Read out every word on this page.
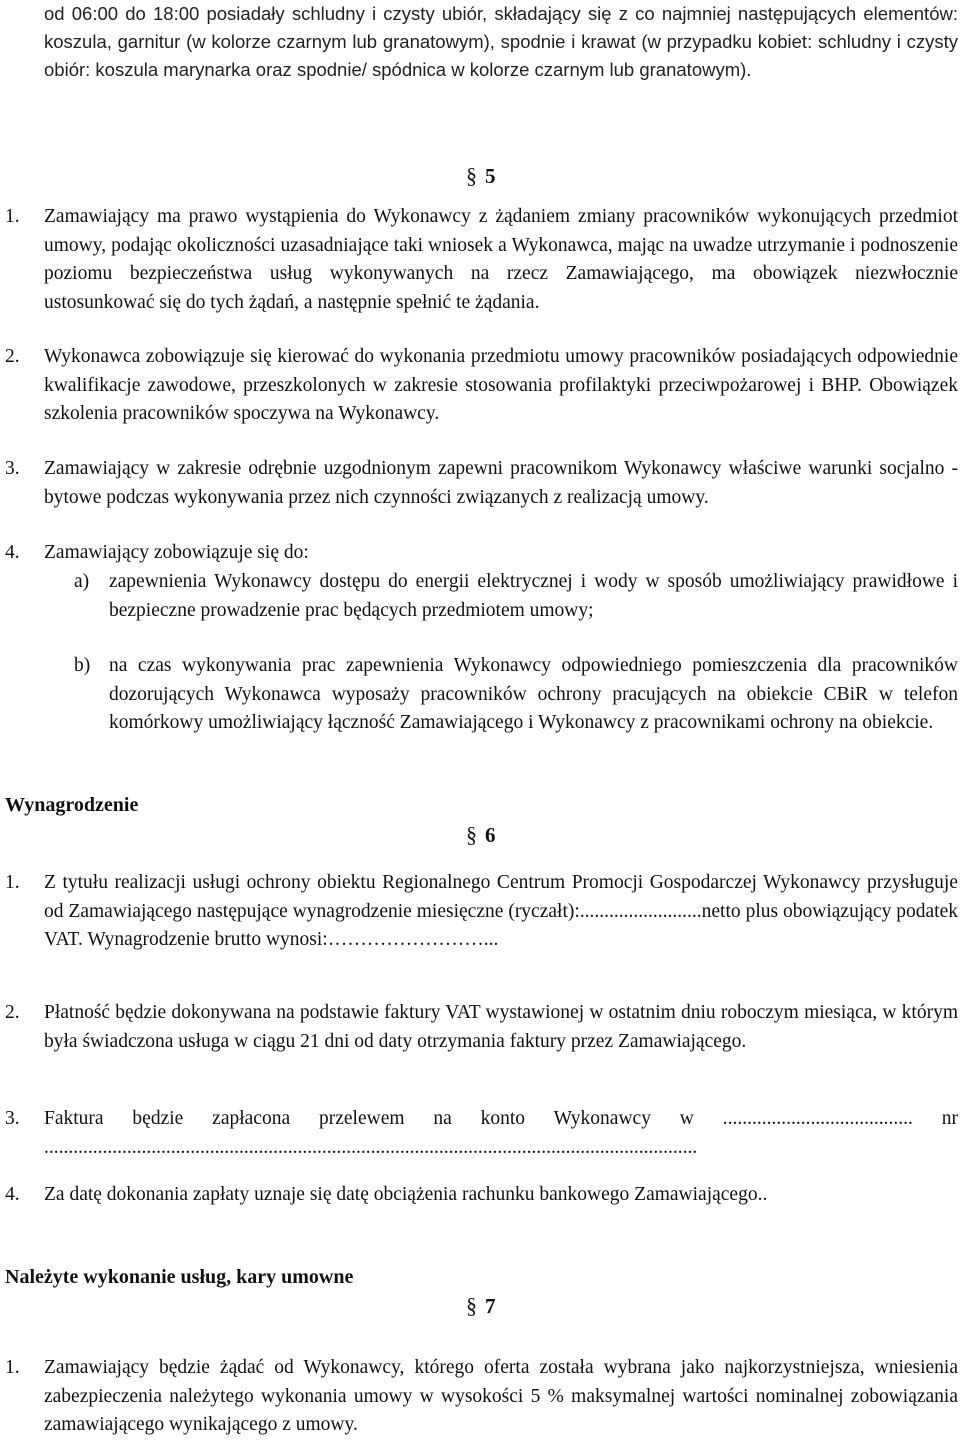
od 06:00 do 18:00 posiadały schludny i czysty ubiór, składający się z co najmniej następujących elementów: koszula, garnitur (w kolorze czarnym lub granatowym), spodnie i krawat (w przypadku kobiet: schludny i czysty obiór: koszula marynarka oraz spodnie/ spódnica w kolorze czarnym lub granatowym).

§ 5
1.	Zamawiający ma prawo wystąpienia do Wykonawcy z żądaniem zmiany pracowników wykonujących przedmiot umowy, podając okoliczności uzasadniające taki wniosek a Wykonawca, mając na uwadze utrzymanie i podnoszenie poziomu bezpieczeństwa usług wykonywanych na rzecz Zamawiającego, ma obowiązek niezwłocznie ustosunkować się do tych żądań, a następnie spełnić te żądania.
2.	Wykonawca zobowiązuje się kierować do wykonania przedmiotu umowy pracowników posiadających odpowiednie kwalifikacje zawodowe, przeszkolonych w zakresie stosowania profilaktyki przeciwpożarowej i BHP. Obowiązek szkolenia pracowników spoczywa na Wykonawcy.
3.	Zamawiający w zakresie odrębnie uzgodnionym zapewni pracownikom Wykonawcy właściwe warunki socjalno - bytowe podczas wykonywania przez nich czynności związanych z realizacją umowy.
4.	Zamawiający zobowiązuje się do:
a)	zapewnienia Wykonawcy dostępu do energii elektrycznej i wody w sposób umożliwiający prawidłowe i bezpieczne prowadzenie prac będących przedmiotem umowy;
b) na czas wykonywania prac zapewnienia Wykonawcy odpowiedniego pomieszczenia dla pracowników dozorujących Wykonawca wyposaży pracowników ochrony pracujących na obiekcie CBiR w telefon komórkowy umożliwiający łączność Zamawiającego i Wykonawcy z pracownikami ochrony na obiekcie.

Wynagrodzenie

§ 6
1.	Z tytułu realizacji usługi ochrony obiektu Regionalnego Centrum Promocji Gospodarczej Wykonawcy przysługuje od Zamawiającego następujące wynagrodzenie miesięczne (ryczałt):.........................netto plus obowiązujący podatek VAT. Wynagrodzenie brutto wynosi:……………………...
2.	Płatność będzie dokonywana na podstawie faktury VAT wystawionej w ostatnim dniu roboczym miesiąca, w którym była świadczona usługa w ciągu 21 dni od daty otrzymania faktury przez Zamawiającego.
3.	Faktura będzie zapłacona przelewem na konto Wykonawcy w ....................................... nr ......................................................................................................................................
4.	Za datę dokonania zapłaty uznaje się datę obciążenia rachunku bankowego Zamawiającego..

Należyte wykonanie usług, kary umowne

§ 7
1.	Zamawiający będzie żądać od Wykonawcy, którego oferta została wybrana jako najkorzystniejsza, wniesienia zabezpieczenia należytego wykonania umowy w wysokości 5 % maksymalnej wartości nominalnej zobowiązania zamawiającego wynikającego z umowy.
